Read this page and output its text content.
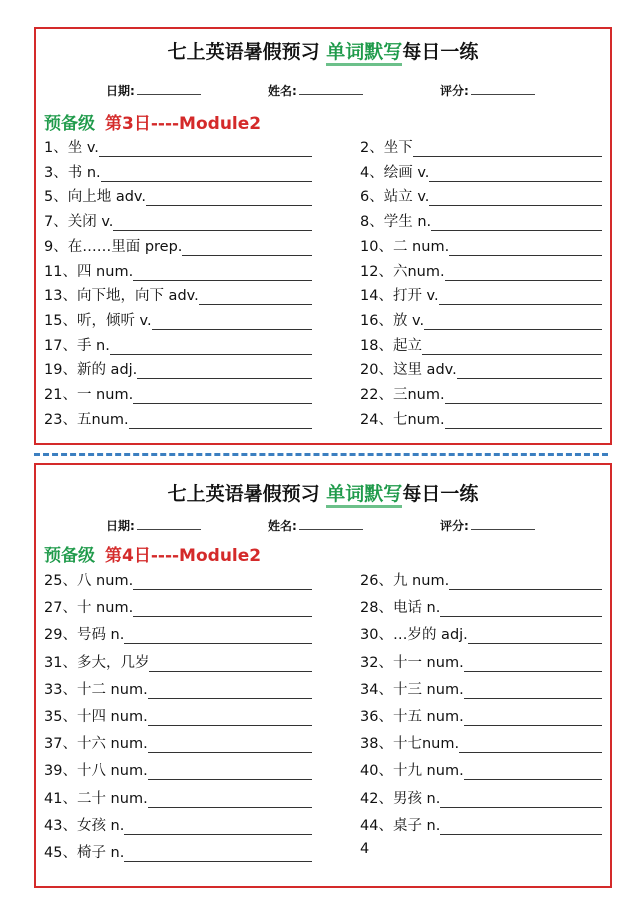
七上英语暑假预习 单词默写每日一练
日期:	姓名:	评分:
预备级 第3日----Module2
1、坐 v.	2、坐下
3、书 n.	4、绘画 v.
5、向上地 adv.	6、站立 v.
7、关闭 v.	8、学生 n.
9、在……里面 prep.	10、二 num.
11、四 num.	12、六num.
13、向下地，向下 adv.	14、打开 v.
15、听，倾听 v.	16、放 v.
17、手 n.	18、起立
19、新的 adj.	20、这里 adv.
21、一 num.	22、三num.
23、五num.	24、七num.
七上英语暑假预习 单词默写每日一练
日期:	姓名:	评分:
预备级 第4日----Module2
25、八 num.	26、九 num.
27、十 num.	28、电话 n.
29、号码 n.	30、…岁的 adj.
31、多大，几岁	32、十一 num.
33、十二 num.	34、十三 num.
35、十四 num.	36、十五 num.
37、十六 num.	38、十七num.
39、十八 num.	40、十九 num.
41、二十 num.	42、男孩 n.
43、女孩 n.	44、桌子 n.
45、椅子 n.	4
